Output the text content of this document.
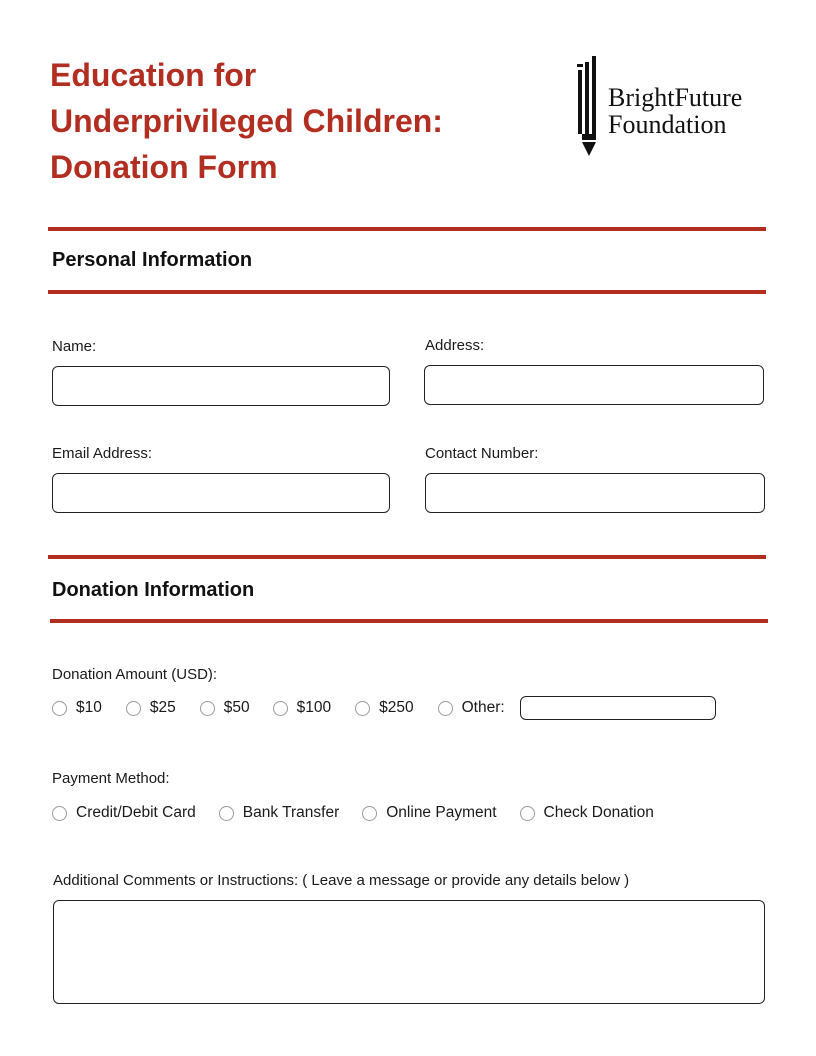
Education for
Underprivileged Children:
Donation Form
BrightFuture
Foundation
Personal Information
Name:	Address:
Email Address:	Contact Number:
Donation Information
Donation Amount (USD):
$10	$25	$50	$100	$250	Other:
Payment Method:
Credit/Debit Card	Bank Transfer	Online Payment	Check Donation
Additional Comments or Instructions: ( Leave a message or provide any details below )
